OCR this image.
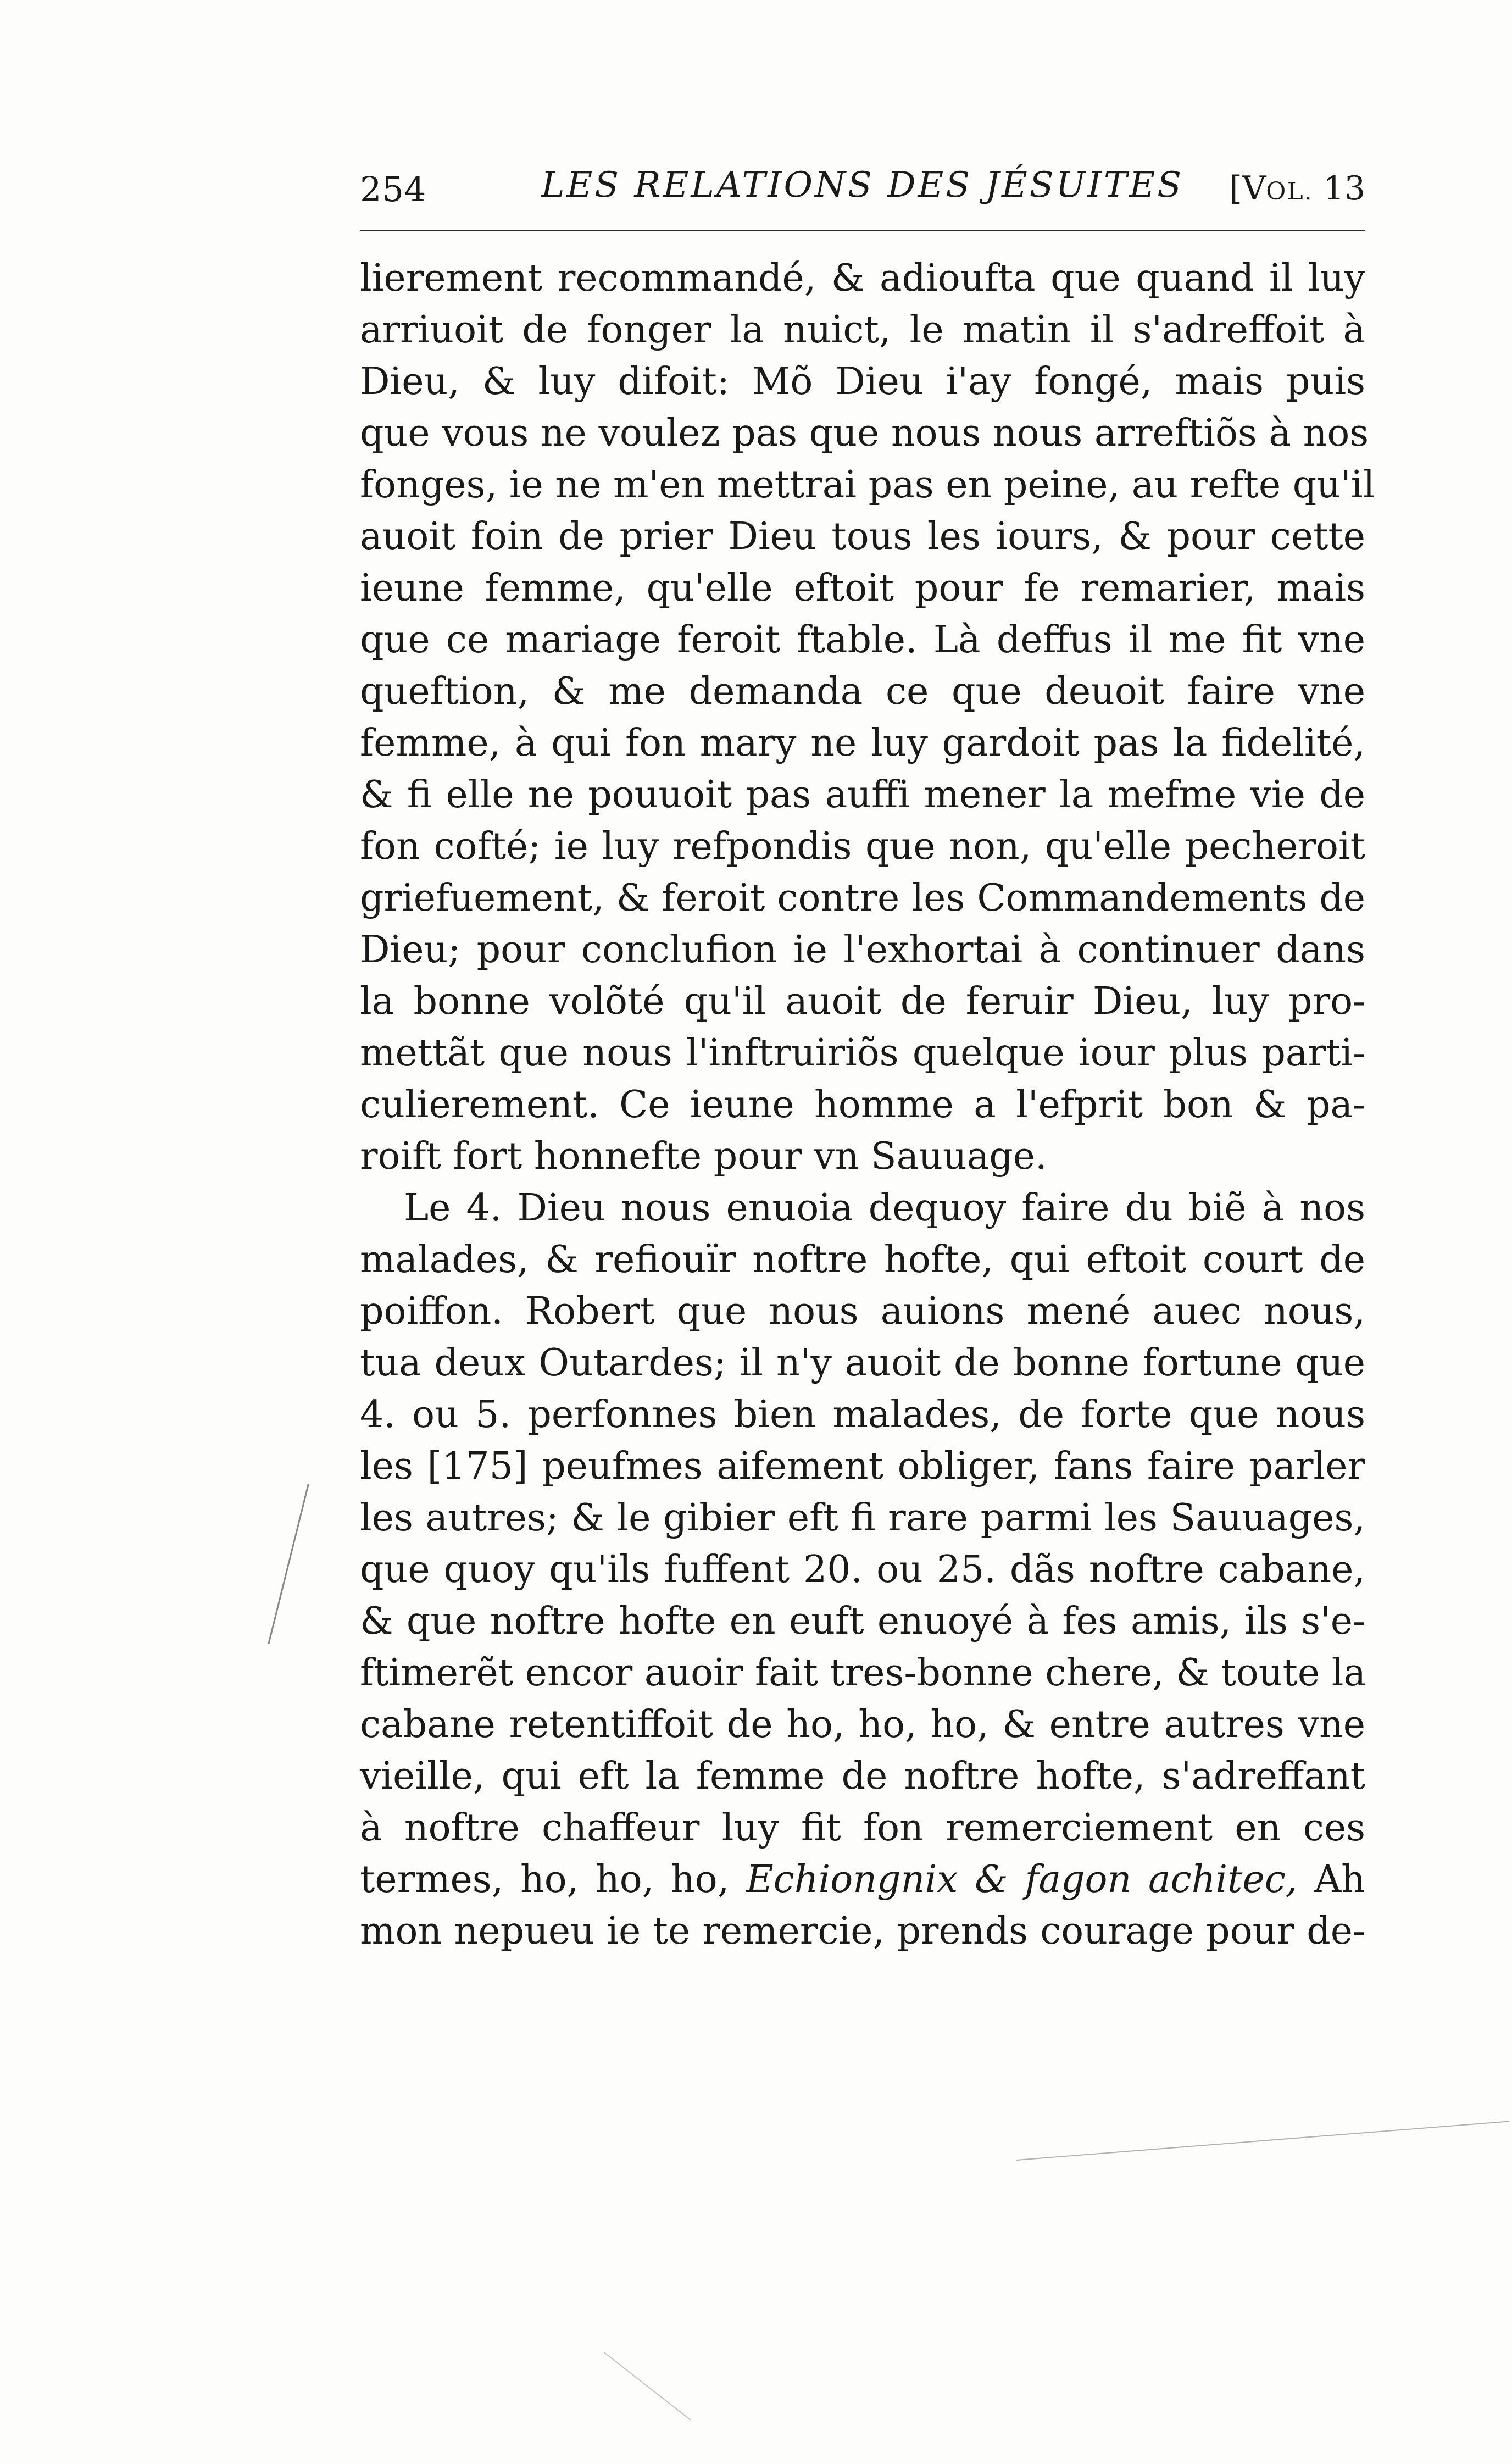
254	LES RELATIONS DES JÉSUITES [VOL. 13
lierement recommandé, & adioufta que quand il luy
arriuoit de fonger la nuict, le matin il s'adreffoit à
Dieu, & luy difoit: Mõ Dieu i'ay fongé, mais puis
que vous ne voulez pas que nous nous arreftiõs à nos
fonges, ie ne m'en mettrai pas en peine, au refte qu'il
auoit foin de prier Dieu tous les iours, & pour cette
ieune femme, qu'elle eftoit pour fe remarier, mais
que ce mariage feroit ftable. Là deffus il me fit vne
queftion, & me demanda ce que deuoit faire vne
femme, à qui fon mary ne luy gardoit pas la fidelité,
& fi elle ne pouuoit pas auffi mener la mefme vie de
fon cofté; ie luy refpondis que non, qu'elle pecheroit
griefuement, & feroit contre les Commandements de
Dieu; pour conclufion ie l'exhortai à continuer dans
la bonne volõté qu'il auoit de feruir Dieu, luy pro-
mettãt que nous l'inftruiriõs quelque iour plus parti-
culierement. Ce ieune homme a l'efprit bon & pa-
roift fort honnefte pour vn Sauuage.
Le 4. Dieu nous enuoia dequoy faire du biẽ à nos
malades, & refiouïr noftre hofte, qui eftoit court de
poiffon. Robert que nous auions mené auec nous,
tua deux Outardes; il n'y auoit de bonne fortune que
4. ou 5. perfonnes bien malades, de forte que nous
les [175] peufmes aifement obliger, fans faire parler
les autres; & le gibier eft fi rare parmi les Sauuages,
que quoy qu'ils fuffent 20. ou 25. dãs noftre cabane,
& que noftre hofte en euft enuoyé à fes amis, ils s'e-
ftimerẽt encor auoir fait tres-bonne chere, & toute la
cabane retentiffoit de ho, ho, ho, & entre autres vne
vieille, qui eft la femme de noftre hofte, s'adreffant
à noftre chaffeur luy fit fon remerciement en ces
termes, ho, ho, ho, Echiongnix & fagon achitec, Ah
mon nepueu ie te remercie, prends courage pour de-
